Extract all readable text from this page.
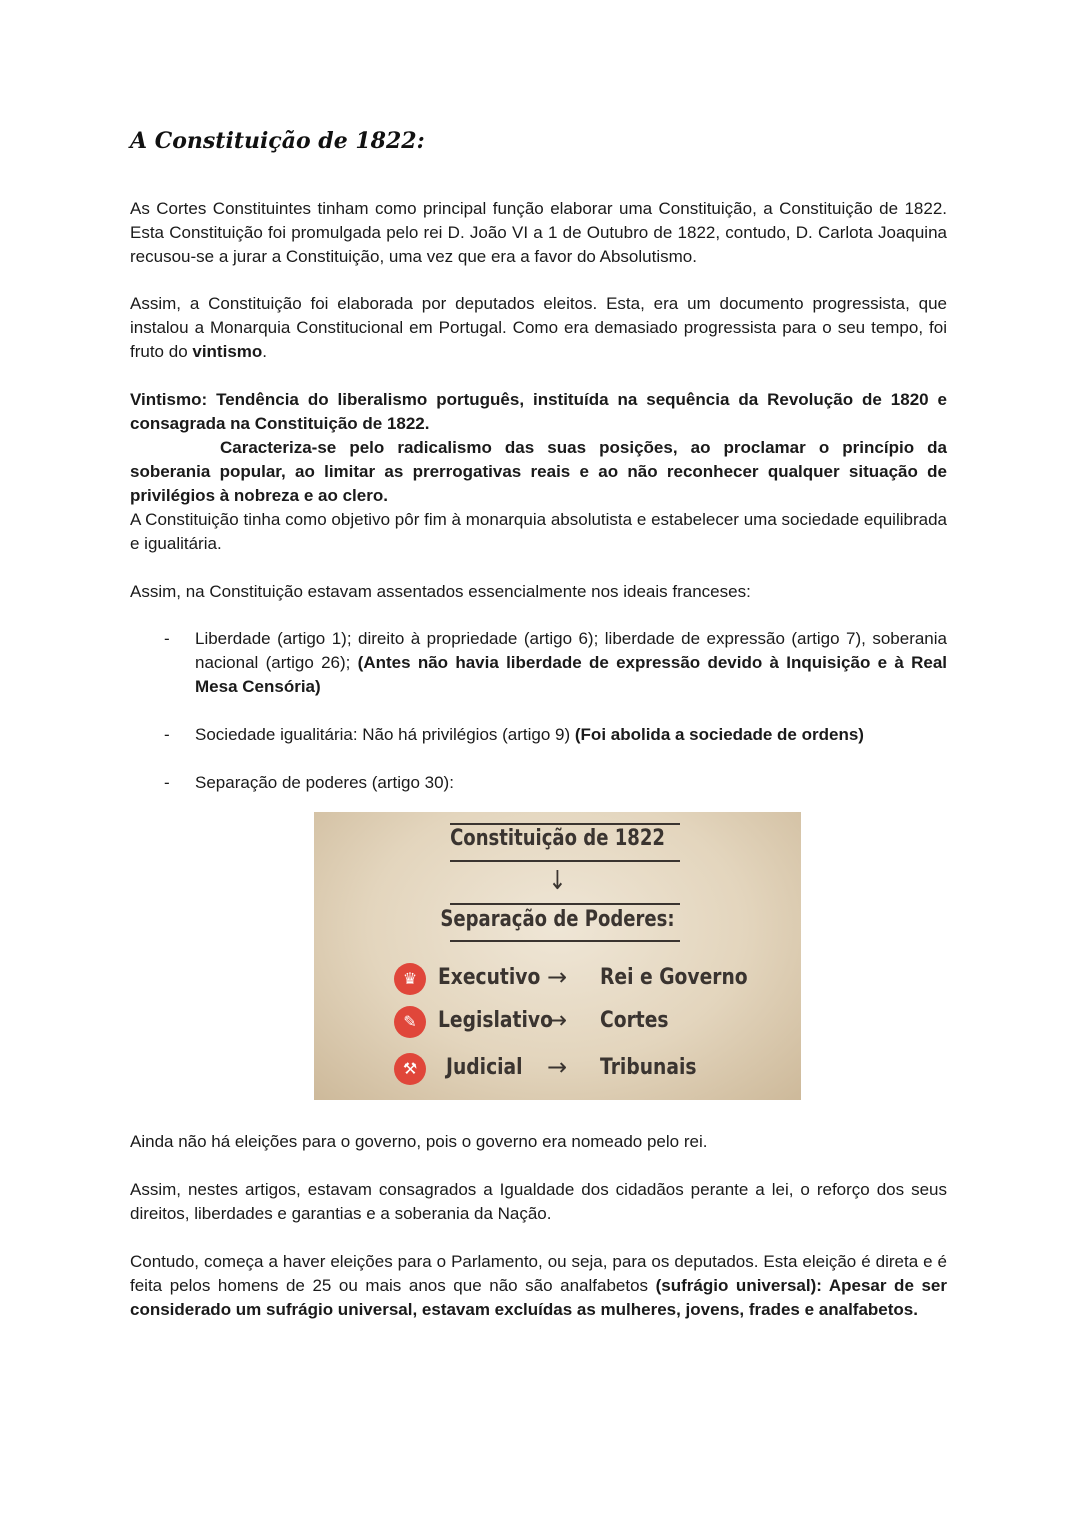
A Constituição de 1822:
As Cortes Constituintes tinham como principal função elaborar uma Constituição, a Constituição de 1822. Esta Constituição foi promulgada pelo rei D. João VI a 1 de Outubro de 1822, contudo, D. Carlota Joaquina recusou-se a jurar a Constituição, uma vez que era a favor do Absolutismo.
Assim, a Constituição foi elaborada por deputados eleitos. Esta, era um documento progressista, que instalou a Monarquia Constitucional em Portugal. Como era demasiado progressista para o seu tempo, foi fruto do vintismo.
Vintismo: Tendência do liberalismo português, instituída na sequência da Revolução de 1820 e consagrada na Constituição de 1822.
Caracteriza-se pelo radicalismo das suas posições, ao proclamar o princípio da soberania popular, ao limitar as prerrogativas reais e ao não reconhecer qualquer situação de privilégios à nobreza e ao clero.
A Constituição tinha como objetivo pôr fim à monarquia absolutista e estabelecer uma sociedade equilibrada e igualitária.
Assim, na Constituição estavam assentados essencialmente nos ideais franceses:
- Liberdade (artigo 1); direito à propriedade (artigo 6); liberdade de expressão (artigo 7), soberania nacional (artigo 26); (Antes não havia liberdade de expressão devido à Inquisição e à Real Mesa Censória)
- Sociedade igualitária: Não há privilégios (artigo 9) (Foi abolida a sociedade de ordens)
- Separação de poderes (artigo 30):
Constituição de 1822
↓
Separação de Poderes:
♛ Executivo → Rei e Governo
✎ Legislativo
→ Cortes
⚒	Judicial → Tribunais
Ainda não há eleições para o governo, pois o governo era nomeado pelo rei.
Assim, nestes artigos, estavam consagrados a Igualdade dos cidadãos perante a lei, o reforço dos seus direitos, liberdades e garantias e a soberania da Nação.
Contudo, começa a haver eleições para o Parlamento, ou seja, para os deputados. Esta eleição é direta e é feita pelos homens de 25 ou mais anos que não são analfabetos (sufrágio universal): Apesar de ser considerado um sufrágio universal, estavam excluídas as mulheres, jovens, frades e analfabetos.
